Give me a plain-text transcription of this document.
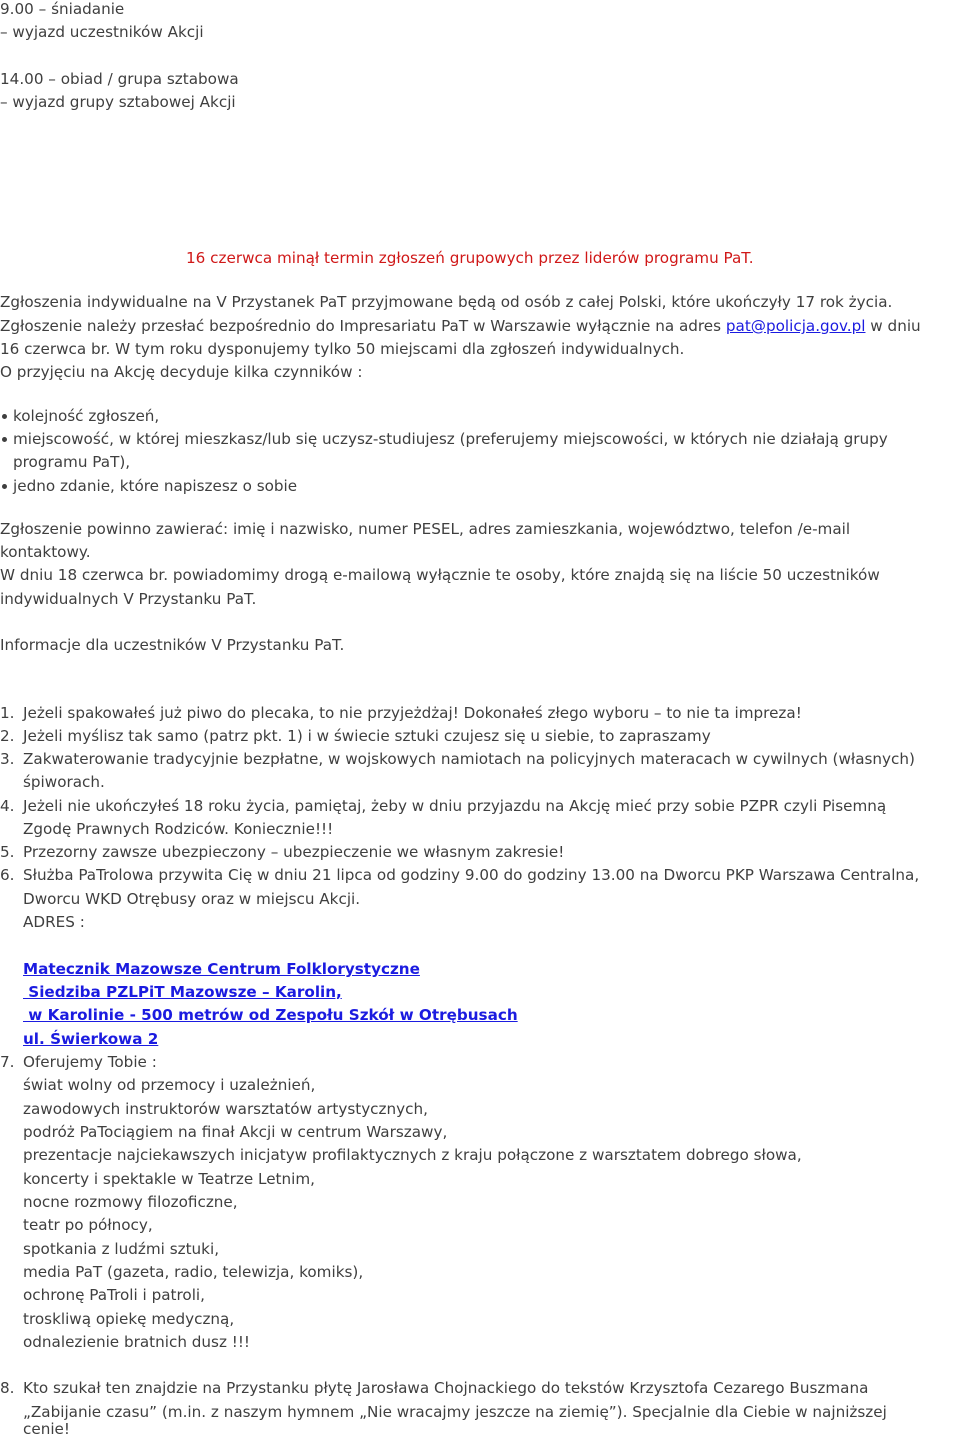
9.00 – śniadanie
– wyjazd uczestników Akcji
14.00 – obiad / grupa sztabowa
– wyjazd grupy sztabowej Akcji
16 czerwca minął termin zgłoszeń grupowych przez liderów programu PaT.
Zgłoszenia indywidualne na V Przystanek PaT przyjmowane będą od osób z całej Polski, które ukończyły 17 rok życia.
Zgłoszenie należy przesłać bezpośrednio do Impresariatu PaT w Warszawie wyłącznie na adres pat@policja.gov.pl w dniu
16 czerwca br. W tym roku dysponujemy tylko 50 miejscami dla zgłoszeń indywidualnych.
O przyjęciu na Akcję decyduje kilka czynników :
kolejność zgłoszeń,
miejscowość, w której mieszkasz/lub się uczysz-studiujesz (preferujemy miejscowości, w których nie działają grupy
programu PaT),
jedno zdanie, które napiszesz o sobie
Zgłoszenie powinno zawierać: imię i nazwisko, numer PESEL, adres zamieszkania, województwo, telefon /e-mail
kontaktowy.
W dniu 18 czerwca br. powiadomimy drogą e-mailową wyłącznie te osoby, które znajdą się na liście 50 uczestników
indywidualnych V Przystanku PaT.
Informacje dla uczestników V Przystanku PaT.
1. Jeżeli spakowałeś już piwo do plecaka, to nie przyjeżdżaj! Dokonałeś złego wyboru – to nie ta impreza!
2. Jeżeli myślisz tak samo (patrz pkt. 1) i w świecie sztuki czujesz się u siebie, to zapraszamy
3. Zakwaterowanie tradycyjnie bezpłatne, w wojskowych namiotach na policyjnych materacach w cywilnych (własnych)
śpiworach.
4. Jeżeli nie ukończyłeś 18 roku życia, pamiętaj, żeby w dniu przyjazdu na Akcję mieć przy sobie PZPR czyli Pisemną
Zgodę Prawnych Rodziców. Koniecznie!!!
5. Przezorny zawsze ubezpieczony – ubezpieczenie we własnym zakresie!
6. Służba PaTrolowa przywita Cię w dniu 21 lipca od godziny 9.00 do godziny 13.00 na Dworcu PKP Warszawa Centralna,
Dworcu WKD Otrębusy oraz w miejscu Akcji.
ADRES :
Matecznik Mazowsze Centrum Folklorystyczne
Siedziba PZLPiT Mazowsze – Karolin,
w Karolinie - 500 metrów od Zespołu Szkół w Otrębusach
ul. Świerkowa 2
7. Oferujemy Tobie :
świat wolny od przemocy i uzależnień,
zawodowych instruktorów warsztatów artystycznych,
podróż PaTociągiem na finał Akcji w centrum Warszawy,
prezentacje najciekawszych inicjatyw profilaktycznych z kraju połączone z warsztatem dobrego słowa,
koncerty i spektakle w Teatrze Letnim,
nocne rozmowy filozoficzne,
teatr po północy,
spotkania z ludźmi sztuki,
media PaT (gazeta, radio, telewizja, komiks),
ochronę PaTroli i patroli,
troskliwą opiekę medyczną,
odnalezienie bratnich dusz !!!
8. Kto szukał ten znajdzie na Przystanku płytę Jarosława Chojnackiego do tekstów Krzysztofa Cezarego Buszmana
„Zabijanie czasu” (m.in. z naszym hymnem „Nie wracajmy jeszcze na ziemię”). Specjalnie dla Ciebie w najniższej
cenie!
